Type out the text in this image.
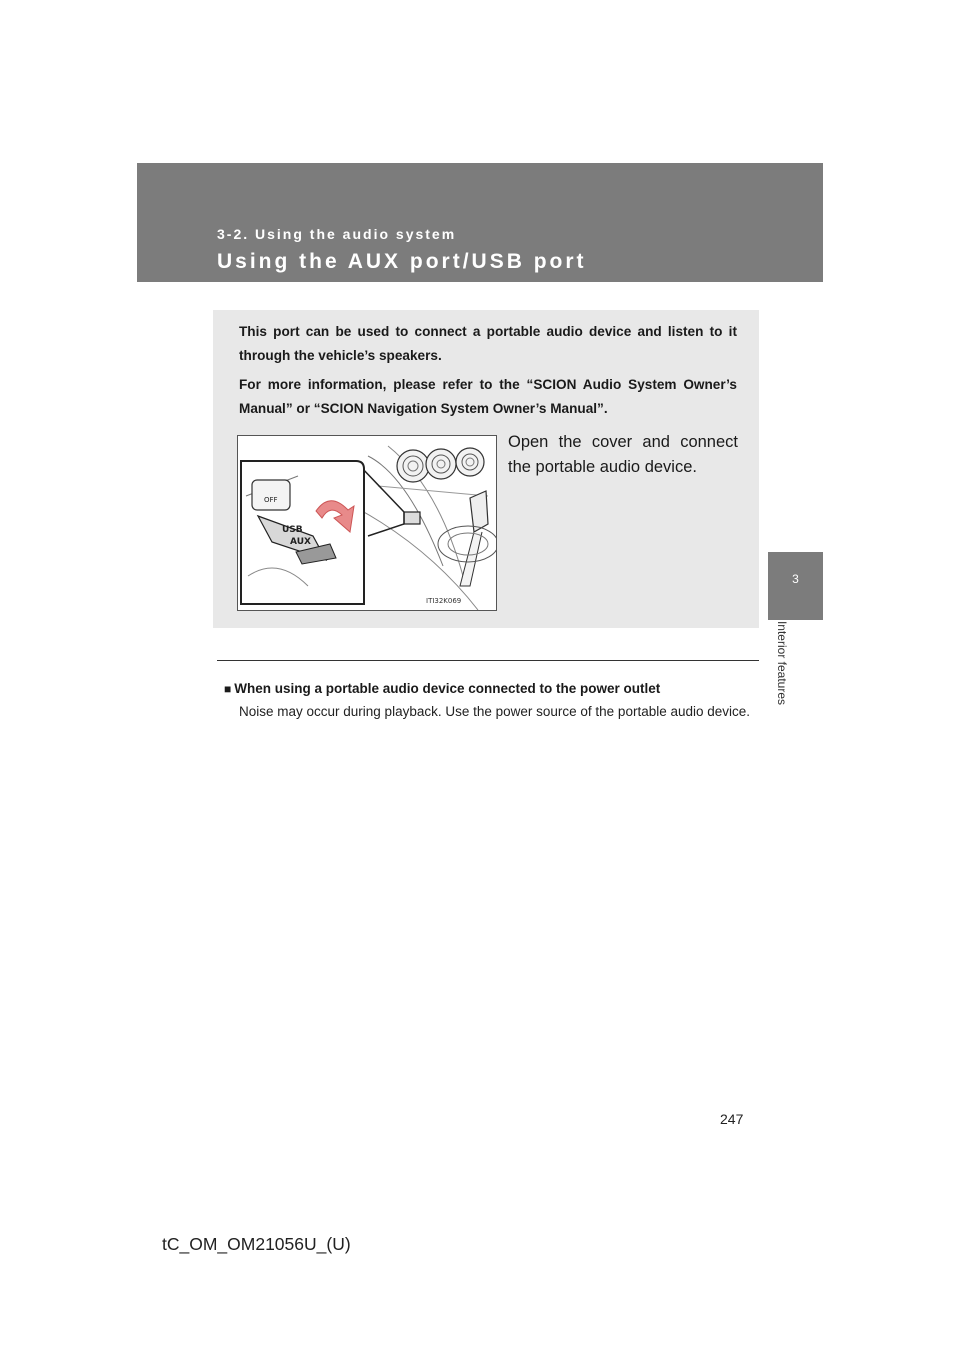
3-2. Using the audio system
Using the AUX port/USB port
3
Interior features
This port can be used to connect a portable audio device and listen to it through the vehicle’s speakers.
For more information, please refer to the “SCION Audio System Owner’s Manual” or “SCION Navigation System Owner’s Manual”.
OFF
USB
AUX
ITI32K069
Open the cover and connect the portable audio device.
■ When using a portable audio device connected to the power outlet
Noise may occur during playback. Use the power source of the portable audio device.
247
tC_OM_OM21056U_(U)
